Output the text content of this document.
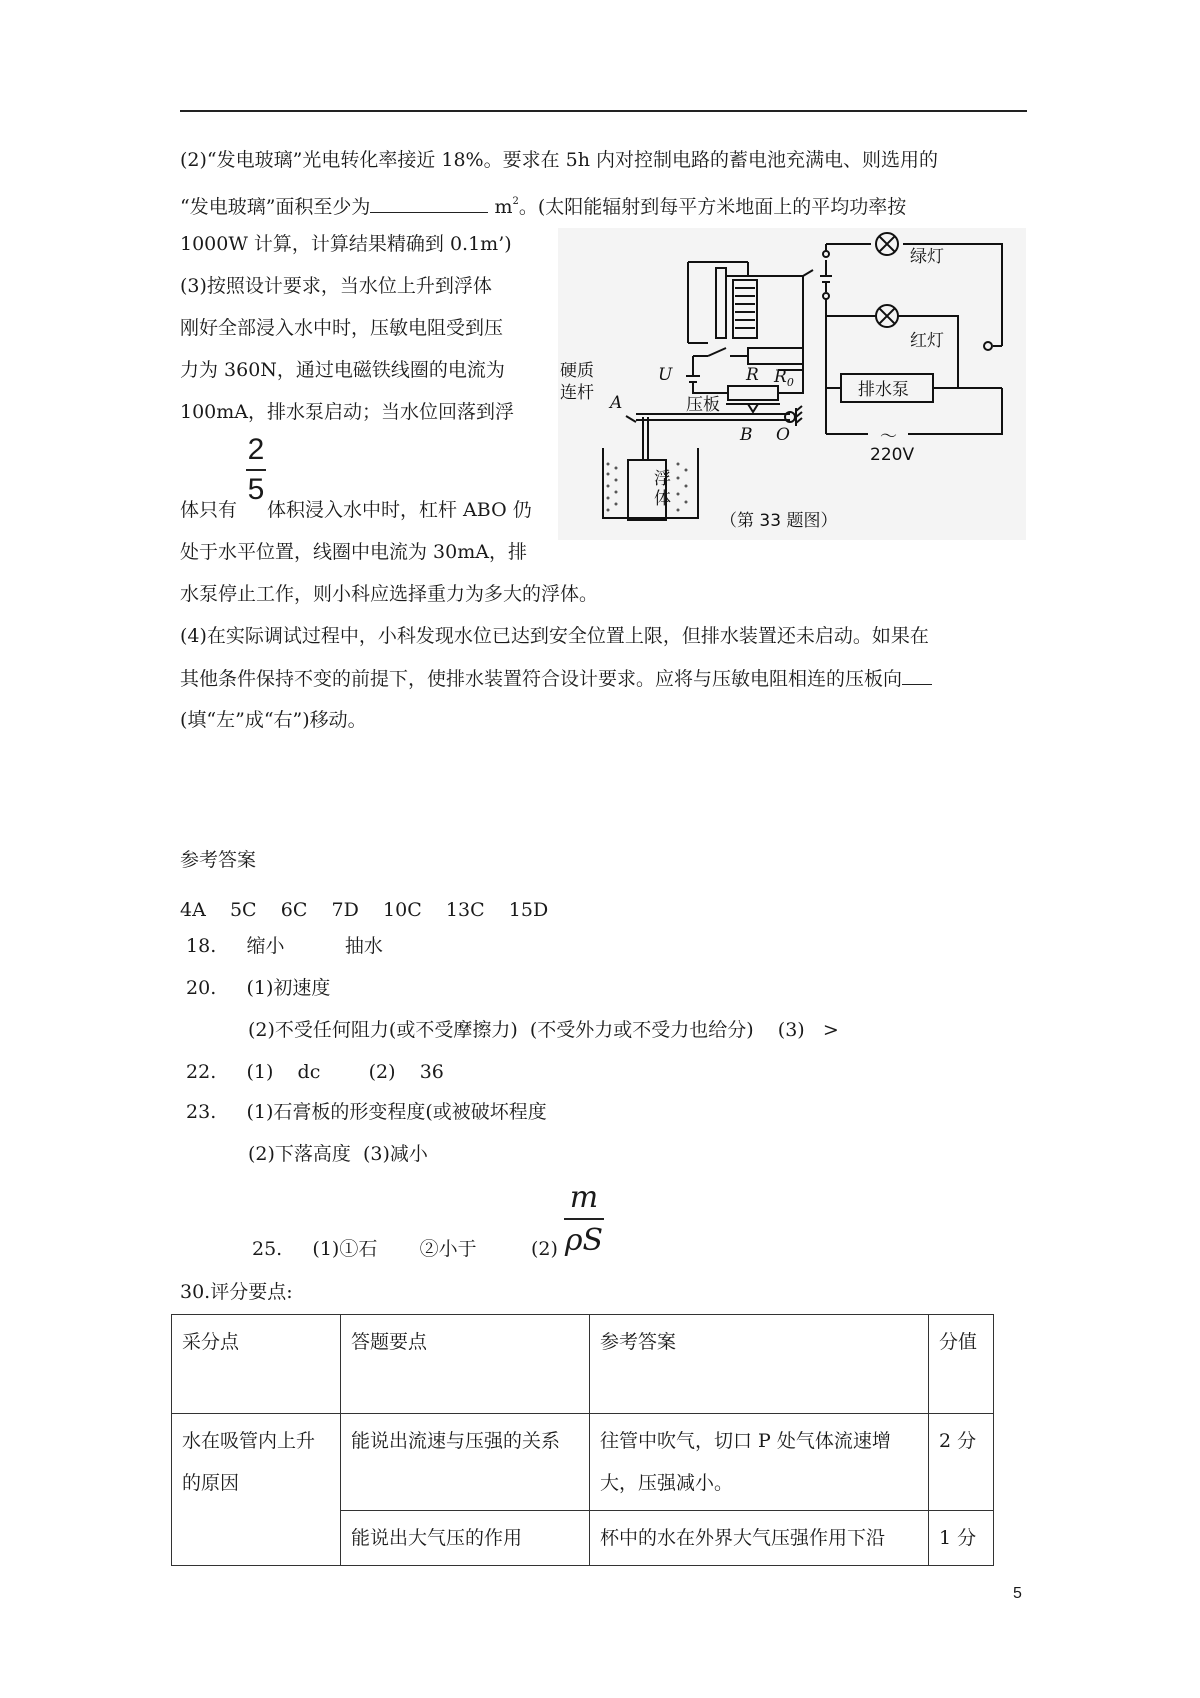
(2)“发电玻璃”光电转化率接近 18%。要求在 5h 内对控制电路的蓄电池充满电、则选用的
“发电玻璃”面积至少为	$m^2$。(太阳能辐射到每平方米地面上的平均功率按
1000W 计算，计算结果精确到 0.1m’)
(3)按照设计要求，当水位上升到浮体
刚好全部浸入水中时，压敏电阻受到压
力为 360N，通过电磁铁线圈的电流为
100mA，排水泵启动；当水位回落到浮
2
5
体只有 体积浸入水中时，杠杆 ABO 仍
处于水平位置，线圈中电流为 30mA，排
水泵停止工作，则小科应选择重力为多大的浮体。
绿灯
红灯
排水泵
～
220V
U	R $R_0$
压板
硬质
连杆 A
B O
浮
体
（第 33 题图）
(4)在实际调试过程中，小科发现水位已达到安全位置上限，但排水装置还未启动。如果在
其他条件保持不变的前提下，使排水装置符合设计要求。应将与压敏电阻相连的压板向
(填“左”成“右”)移动。
参考答案
4A    5C    6C    7D    10C    13C    15D
18.     缩小          抽水
20.     (1)初速度
(2)不受任何阻力(或不受摩擦力)  (不受外力或不受力也给分)    (3)   >
22.     (1)    dc        (2)    36
23.     (1)石膏板的形变程度(或被破坏程度
(2)下落高度  (3)减小
25.     (1)①石       ②小于         (2)
m
ρS
30.评分要点:
采分点	答题要点	参考答案	分值
水在吸管内上升的原因	能说出流速与压强的关系	往管中吹气，切口 P 处气体流速增大，压强减小。	2 分
	能说出大气压的作用	杯中的水在外界大气压强作用下沿	1 分
5
